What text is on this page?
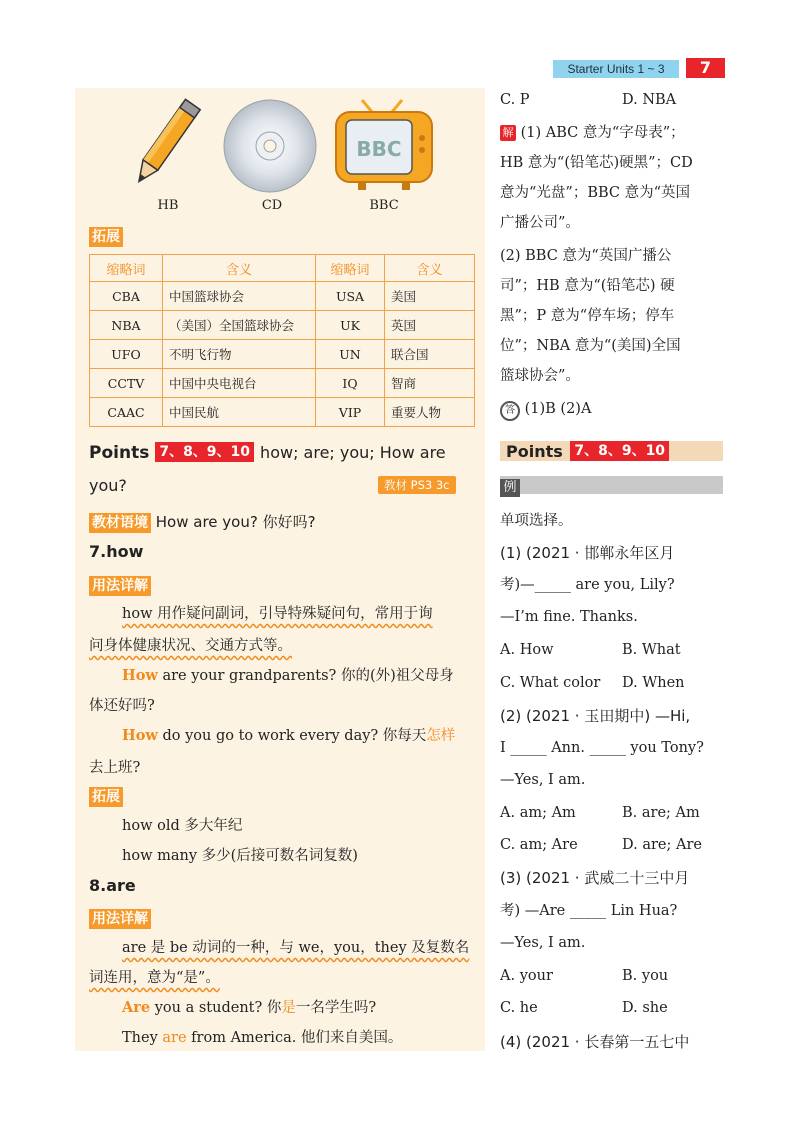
Starter Units 1 ~ 3	7
HB	CD
BBC
BBC
拓展
缩略词	含义	缩略词	含义
CBA	中国篮球协会	USA	美国
NBA	（美国）全国篮球协会	UK	英国
UFO	不明飞行物	UN	联合国
CCTV	中国中央电视台	IQ	智商
CAAC	中国民航	VIP	重要人物
Points 7、8、9、10 how; are; you; How are
you?	教材 PS3 3c
教材语境 How are you? 你好吗?
7.how
用法详解
how 用作疑问副词，引导特殊疑问句，常用于询
问身体健康状况、交通方式等。
How are your grandparents? 你的(外)祖父母身
体还好吗?
How do you go to work every day? 你每天怎样
去上班?
拓展
how old 多大年纪
how many 多少(后接可数名词复数)
8.are
用法详解
are 是 be 动词的一种，与 we，you，they 及复数名
词连用，意为“是”。
Are you a student? 你是一名学生吗?
They are from America. 他们来自美国。
C. P	D. NBA
解 (1) ABC 意为“字母表”；
HB 意为“(铅笔芯)硬黑”；CD
意为“光盘”；BBC 意为“英国
广播公司”。
(2) BBC 意为“英国广播公
司”；HB 意为“(铅笔芯) 硬
黑”；P 意为“停车场；停车
位”；NBA 意为“(美国)全国
篮球协会”。
答 (1)B (2)A
Points 7、8、9、10
例
单项选择。
(1) (2021 · 邯郸永年区月
考)—_____ are you, Lily?
—I’m fine. Thanks.
A. How	B. What
C. What color D. When
(2) (2021 · 玉田期中) —Hi,
I _____ Ann. _____ you Tony?
—Yes, I am.
A. am; Am	B. are; Am
C. am; Are	D. are; Are
(3) (2021 · 武威二十三中月
考) —Are _____ Lin Hua?
—Yes, I am.
A. your	B. you
C. he	D. she
(4) (2021 · 长春第一五七中
